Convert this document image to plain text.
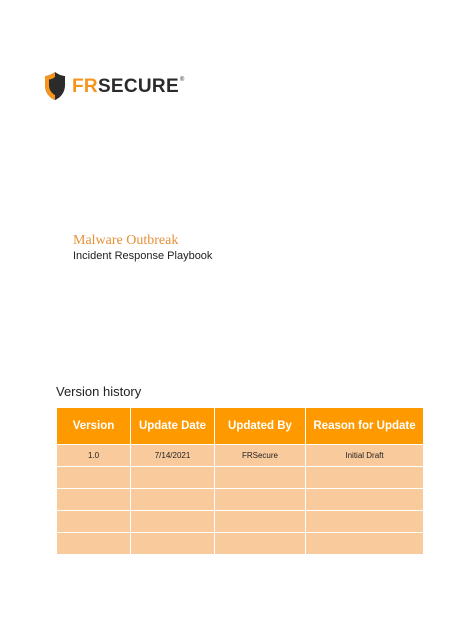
FR SECURE ®
Malware Outbreak

Incident Response Playbook

Version history
Version	Update Date	Updated By	Reason for Update
1.0	7/14/2021	FRSecure	Initial Draft
